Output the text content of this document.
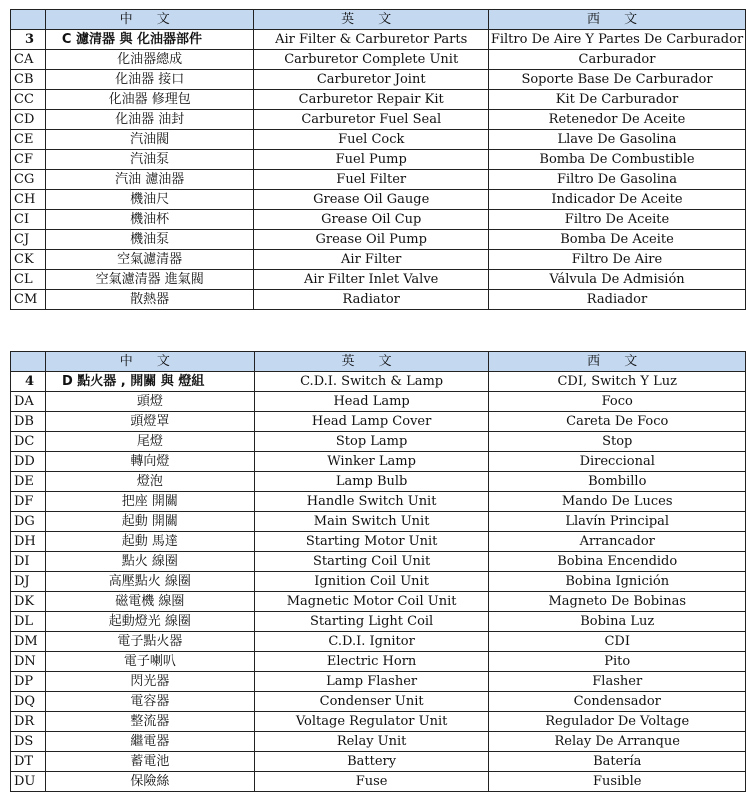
	中 文	英 文	西 文
3	C 濾清器 與 化油器部件	Air Filter & Carburetor Parts	Filtro De Aire Y Partes De Carburador
CA	化油器總成	Carburetor Complete Unit	Carburador
CB	化油器 接口	Carburetor Joint	Soporte Base De Carburador
CC	化油器 修理包	Carburetor Repair Kit	Kit De Carburador
CD	化油器 油封	Carburetor Fuel Seal	Retenedor De Aceite
CE	汽油閥	Fuel Cock	Llave De Gasolina
CF	汽油泵	Fuel Pump	Bomba De Combustible
CG	汽油 濾油器	Fuel Filter	Filtro De Gasolina
CH	機油尺	Grease Oil Gauge	Indicador De Aceite
CI	機油杯	Grease Oil Cup	Filtro De Aceite
CJ	機油泵	Grease Oil Pump	Bomba De Aceite
CK	空氣濾清器	Air Filter	Filtro De Aire
CL	空氣濾清器 進氣閥	Air Filter Inlet Valve	Válvula De Admisión
CM	散熱器	Radiator	Radiador
	中 文	英 文	西 文
4	D 點火器 , 開關 與 燈組	C.D.I. Switch & Lamp	CDI, Switch Y Luz
DA	頭燈	Head Lamp	Foco
DB	頭燈罩	Head Lamp Cover	Careta De Foco
DC	尾燈	Stop Lamp	Stop
DD	轉向燈	Winker Lamp	Direccional
DE	燈泡	Lamp Bulb	Bombillo
DF	把座 開關	Handle Switch Unit	Mando De Luces
DG	起動 開關	Main Switch Unit	Llavín Principal
DH	起動 馬達	Starting Motor Unit	Arrancador
DI	點火 線圈	Starting Coil Unit	Bobina Encendido
DJ	高壓點火 線圈	Ignition Coil Unit	Bobina Ignición
DK	磁電機 線圈	Magnetic Motor Coil Unit	Magneto De Bobinas
DL	起動燈光 線圈	Starting Light Coil	Bobina Luz
DM	電子點火器	C.D.I. Ignitor	CDI
DN	電子喇叭	Electric Horn	Pito
DP	閃光器	Lamp Flasher	Flasher
DQ	電容器	Condenser Unit	Condensador
DR	整流器	Voltage Regulator Unit	Regulador De Voltage
DS	繼電器	Relay Unit	Relay De Arranque
DT	蓄電池	Battery	Batería
DU	保險絲	Fuse	Fusible
